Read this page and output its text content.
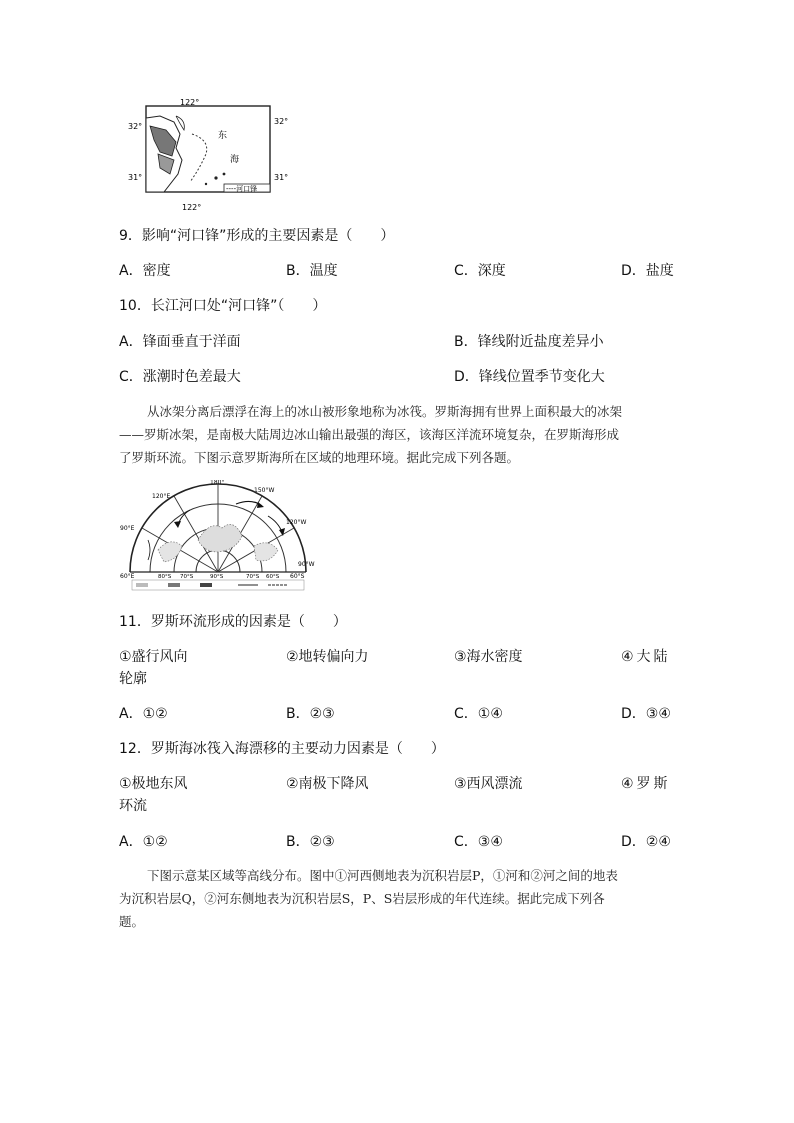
----河口锋
122°
122°
32°
32°
31°	31°
东
海
9．影响“河口锋”形成的主要因素是（　　）
A．密度	B．温度	C．深度	D．盐度
10．长江河口处“河口锋”（　　）
A．锋面垂直于洋面	B．锋线附近盐度差异小
C．涨潮时色差最大	D．锋线位置季节变化大
从冰架分离后漂浮在海上的冰山被形象地称为冰筏。罗斯海拥有世界上面积最大的冰架
——罗斯冰架，是南极大陆周边冰山输出最强的海区，该海区洋流环境复杂，在罗斯海形成
了罗斯环流。下图示意罗斯海所在区域的地理环境。据此完成下列各题。
180°
150°W
120°E
120°W
90°E
90°W
60°E	60°S
80°S 70°S	70°S 60°S
90°S
11．罗斯环流形成的因素是（　　）
①盛行风向	②地转偏向力	③海水密度	④大陆
轮廓
A．①②	B．②③	C．①④	D．③④
12．罗斯海冰筏入海漂移的主要动力因素是（　　）
①极地东风	②南极下降风	③西风漂流	④罗斯
环流
A．①②	B．②③	C．③④	D．②④
下图示意某区域等高线分布。图中①河西侧地表为沉积岩层P，①河和②河之间的地表
为沉积岩层Q，②河东侧地表为沉积岩层S，P、S岩层形成的年代连续。据此完成下列各
题。
